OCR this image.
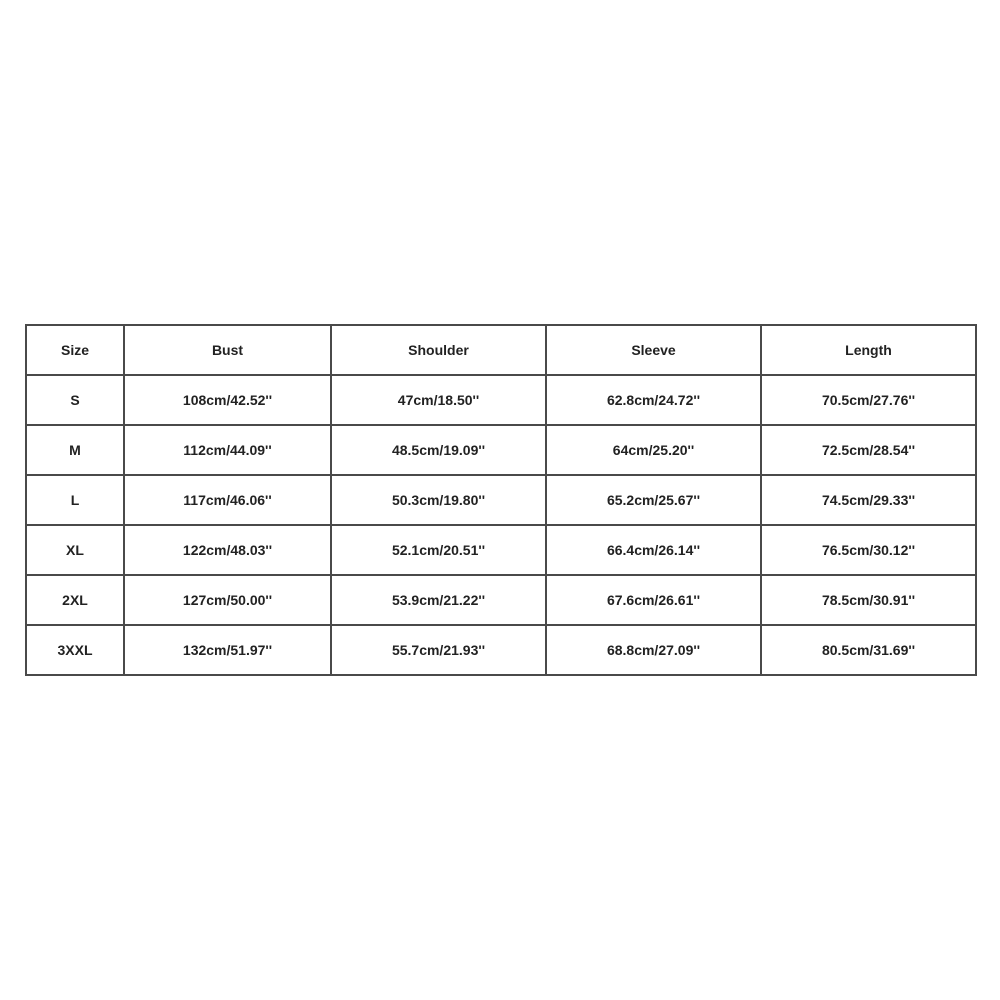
Size	Bust	Shoulder	Sleeve	Length
S	108cm/42.52''	47cm/18.50''	62.8cm/24.72''	70.5cm/27.76''
M	112cm/44.09''	48.5cm/19.09''	64cm/25.20''	72.5cm/28.54''
L	117cm/46.06''	50.3cm/19.80''	65.2cm/25.67''	74.5cm/29.33''
XL	122cm/48.03''	52.1cm/20.51''	66.4cm/26.14''	76.5cm/30.12''
2XL	127cm/50.00''	53.9cm/21.22''	67.6cm/26.61''	78.5cm/30.91''
3XXL	132cm/51.97''	55.7cm/21.93''	68.8cm/27.09''	80.5cm/31.69''
